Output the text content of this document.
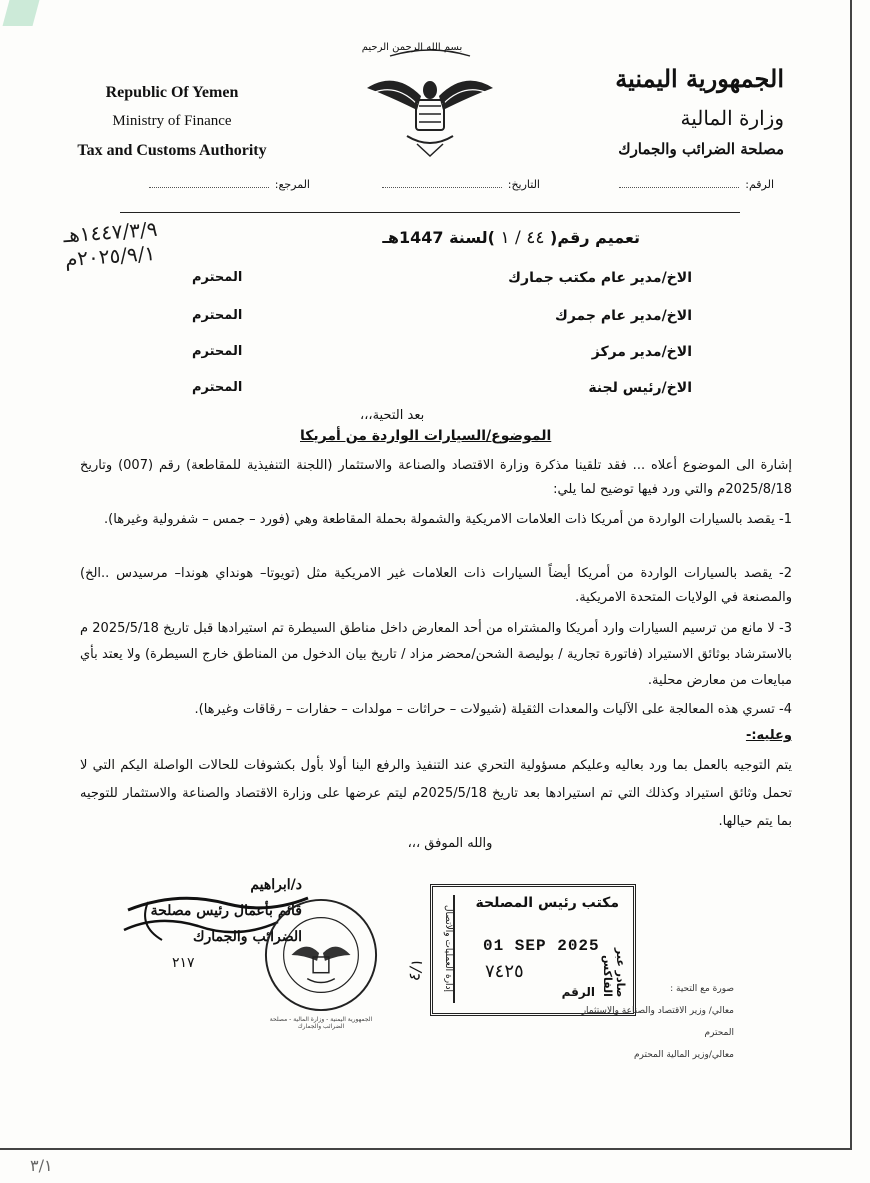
Republic Of Yemen
Ministry of Finance
Tax and Customs Authority
بسم الله الرحمن الرحيم
الجمهورية اليمنية
وزارة المالية
مصلحة الضرائب والجمارك
الرقم:
التاريخ:
المرجع:
١٤٤٧/٣/٩هـ
٢٠٢٥/٩/١م
تعميم رقم( ٤٤ / ١ )لسنة 1447هـ
الاخ/مدير عام مكتب جمارك
المحترم
الاخ/مدير عام جمرك
المحترم
الاخ/مدير مركز
المحترم
الاخ/رئيس لجنة
المحترم
بعد التحية،،،
الموضوع/السيارات الواردة من أمريكا
إشارة الى الموضوع أعلاه ... فقد تلقينا مذكرة وزارة الاقتصاد والصناعة والاستثمار (اللجنة التنفيذية للمقاطعة) رقم (007) وتاريخ 2025/8/18م والتي ورد فيها توضيح لما يلي:
1- يقصد بالسيارات الواردة من أمريكا ذات العلامات الامريكية والشمولة بحملة المقاطعة وهي (فورد – جمس – شفرولية وغيرها).
2- يقصد بالسيارات الواردة من أمريكا أيضاً السيارات ذات العلامات غير الامريكية مثل (تويوتا– هونداي هوندا– مرسيدس ..الخ) والمصنعة في الولايات المتحدة الامريكية.
3- لا مانع من ترسيم السيارات وارد أمريكا والمشتراه من أحد المعارض داخل مناطق السيطرة تم استيرادها قبل تاريخ 2025/5/18 م بالاسترشاد بوثائق الاستيراد (فاتورة تجارية / بوليصة الشحن/محضر مزاد / تاريخ بيان الدخول من المناطق خارج السيطرة) ولا يعتد بأي مبايعات من معارض محلية.
4- تسري هذه المعالجة على الآليات والمعدات الثقيلة (شيولات – حراثات – مولدات – حفارات – رقاقات وغيرها).
وعليه:-
يتم التوجيه بالعمل بما ورد بعاليه وعليكم مسؤولية التحري عند التنفيذ والرفع الينا أولا بأول بكشوفات للحالات الواصلة اليكم التي لا تحمل وثائق استيراد وكذلك التي تم استيرادها بعد تاريخ 2025/5/18م ليتم عرضها على وزارة الاقتصاد والصناعة والاستثمار للتوجيه بما يتم حيالها.
والله الموفق ،،،
د/ابراهيم
قائم بأعمال رئيس مصلحة
الضرائب والجمارك
٢١٧
الجمهورية اليمنية - وزارة المالية - مصلحة الضرائب والجمارك
إدارة العمليات والاتصال
مكتب رئيس المصلحة
صادر عبر الفاكس
01 SEP 2025
٧٤٢٥
الرقم
٤/١
صورة مع التحية :
معالي/ وزير الاقتصاد والصناعة والاستثمار المحترم
معالي/وزير المالية المحترم
٣/١
